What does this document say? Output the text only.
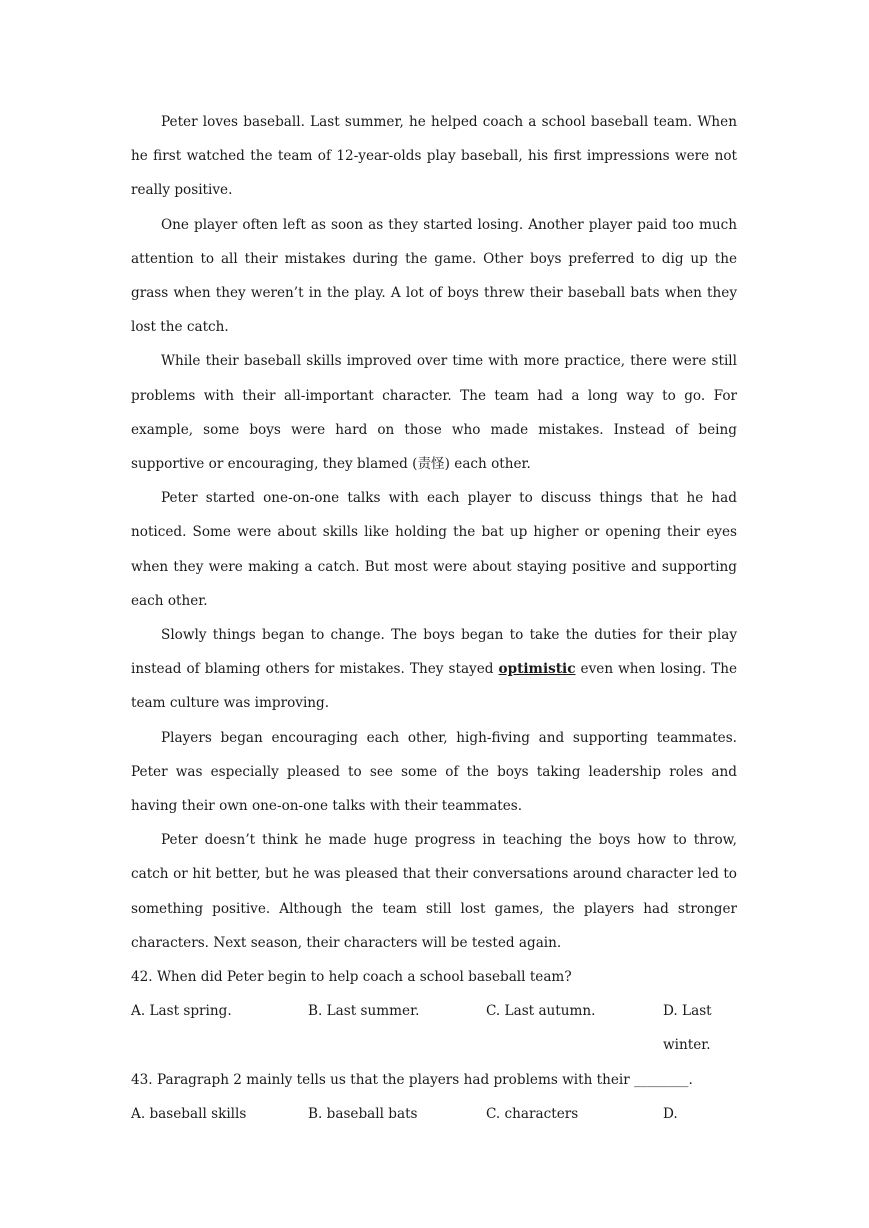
Peter loves baseball. Last summer, he helped coach a school baseball team. When he first watched the team of 12-year-olds play baseball, his first impressions were not really positive.

One player often left as soon as they started losing. Another player paid too much attention to all their mistakes during the game. Other boys preferred to dig up the grass when they weren’t in the play. A lot of boys threw their baseball bats when they lost the catch.

While their baseball skills improved over time with more practice, there were still problems with their all-important character. The team had a long way to go. For example, some boys were hard on those who made mistakes. Instead of being supportive or encouraging, they blamed (责怪) each other.

Peter started one-on-one talks with each player to discuss things that he had noticed. Some were about skills like holding the bat up higher or opening their eyes when they were making a catch. But most were about staying positive and supporting each other.

Slowly things began to change. The boys began to take the duties for their play instead of blaming others for mistakes. They stayed optimistic even when losing. The team culture was improving.

Players began encouraging each other, high-fiving and supporting teammates. Peter was especially pleased to see some of the boys taking leadership roles and having their own one-on-one talks with their teammates.

Peter doesn’t think he made huge progress in teaching the boys how to throw, catch or hit better, but he was pleased that their conversations around character led to something positive. Although the team still lost games, the players had stronger characters. Next season, their characters will be tested again.

42. When did Peter begin to help coach a school baseball team?

A. Last spring.	B. Last summer.	C. Last autumn.	D. Last winter.

43. Paragraph 2 mainly tells us that the players had problems with their ________.

A. baseball skills	B. baseball bats	C. characters	D.
